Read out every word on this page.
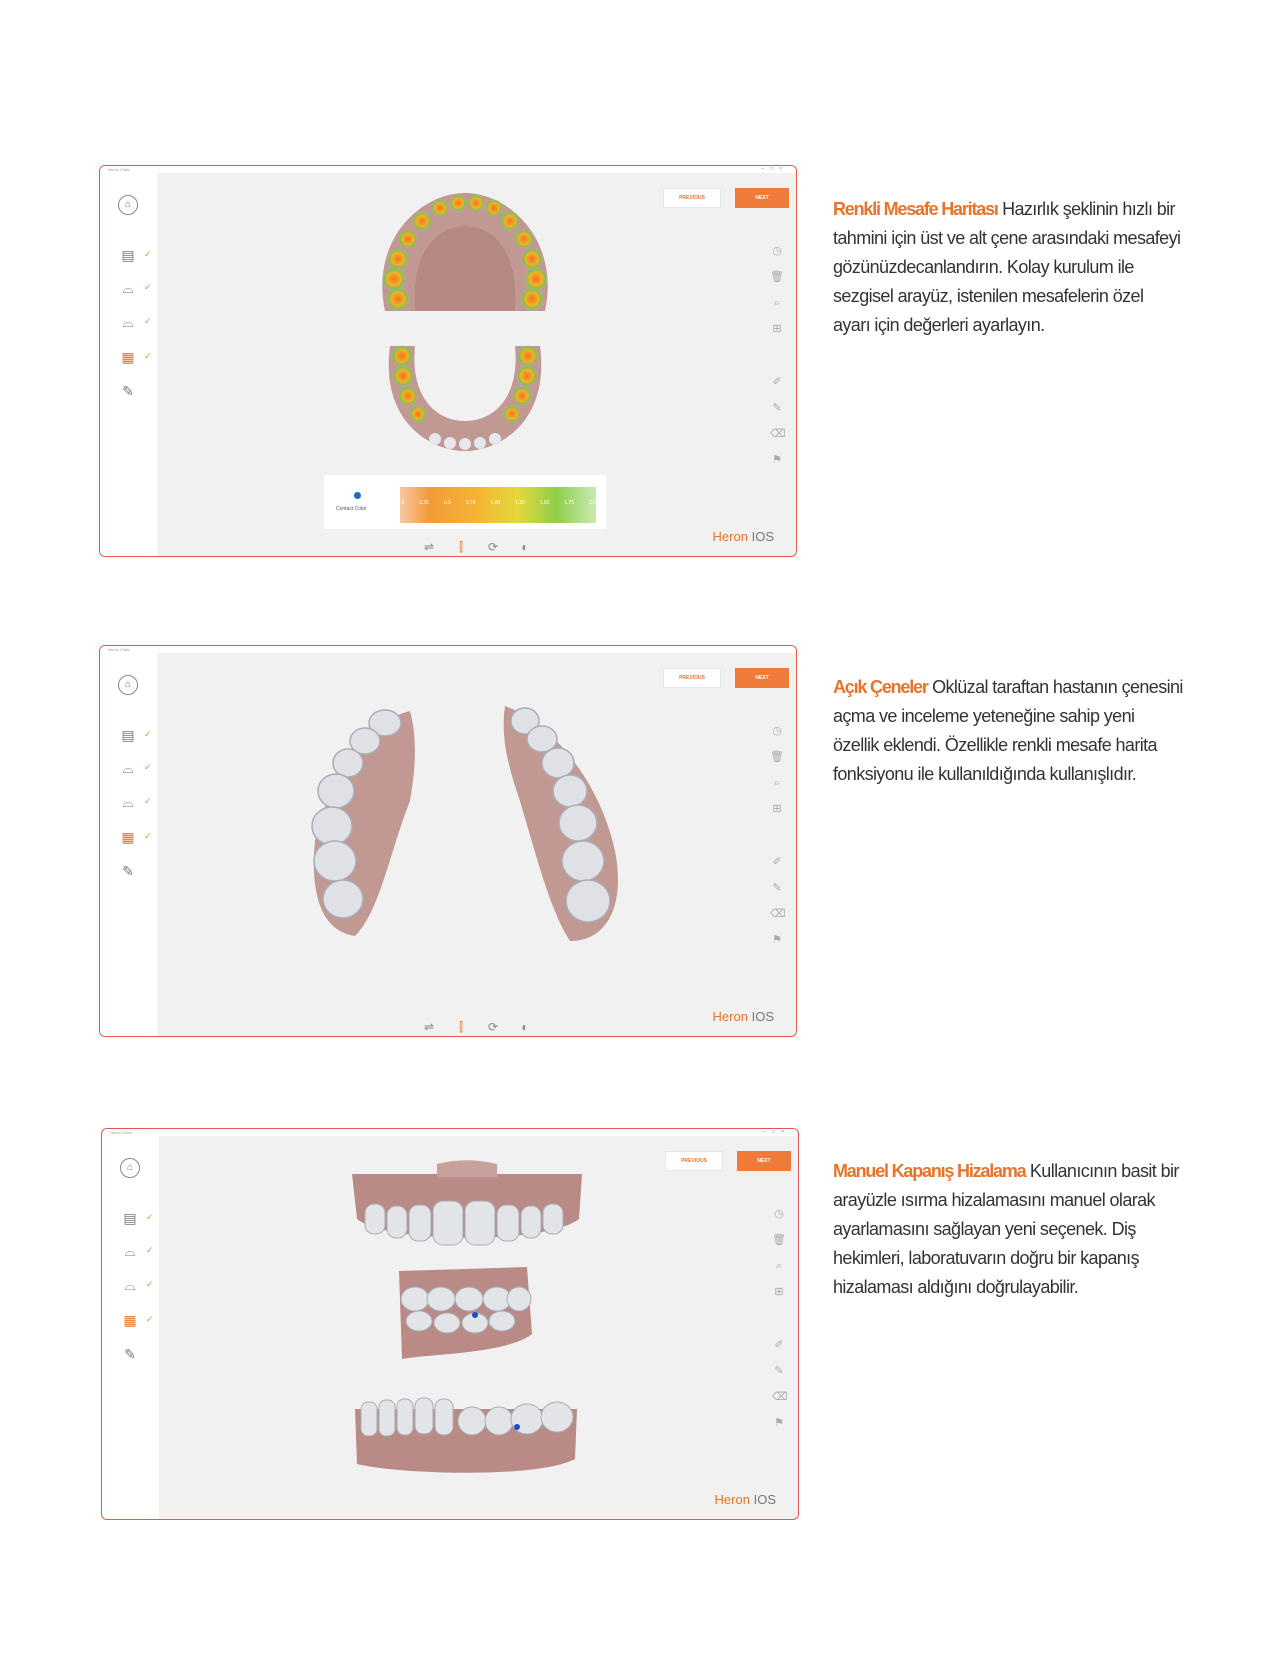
Heron Clinic	–□×
⌂
▤	✓
⌓	✓
⌓	✓
▦	✓
✎
PREVIOUS	NEXT
◷
🗑
⌕
⊞
✐
✎
⌫
⚑
Contact Color
-0	0.25	0.5	0.75	1.00	1.25	1.50	1.75	2.0
⇌ ⫿ ⟳ ◐
Heron IOS
Renkli Mesafe Haritası Hazırlık şeklinin hızlı bir tahmini için üst ve alt çene arasındaki mesafeyi gözünüzdecanlandırın. Kolay kurulum ile sezgisel arayüz, istenilen mesafelerin özel ayarı için değerleri ayarlayın.
Heron Clinic
⌂
▤	✓
⌓	✓
⌓	✓
▦	✓
✎
PREVIOUS	NEXT
◷
🗑
⌕
⊞
✐
✎
⌫
⚑
⇌ ⫿ ⟳ ◐
Heron IOS
Açık Çeneler Oklüzal taraftan hastanın çenesini açma ve inceleme yeteneğine sahip yeni özellik eklendi. Özellikle renkli mesafe harita fonksiyonu ile kullanıldığında kullanışlıdır.
Heron Clinic	–□×
⌂
▤	✓
⌓	✓
⌓	✓
▦	✓
✎
PREVIOUS	NEXT
◷
🗑
⌕
⊞
✐
✎
⌫
⚑
Heron IOS
Manuel Kapanış Hizalama Kullanıcının basit bir arayüzle ısırma hizalamasını manuel olarak ayarlamasını sağlayan yeni seçenek. Diş hekimleri, laboratuvarın doğru bir kapanış hizalaması aldığını doğrulayabilir.
